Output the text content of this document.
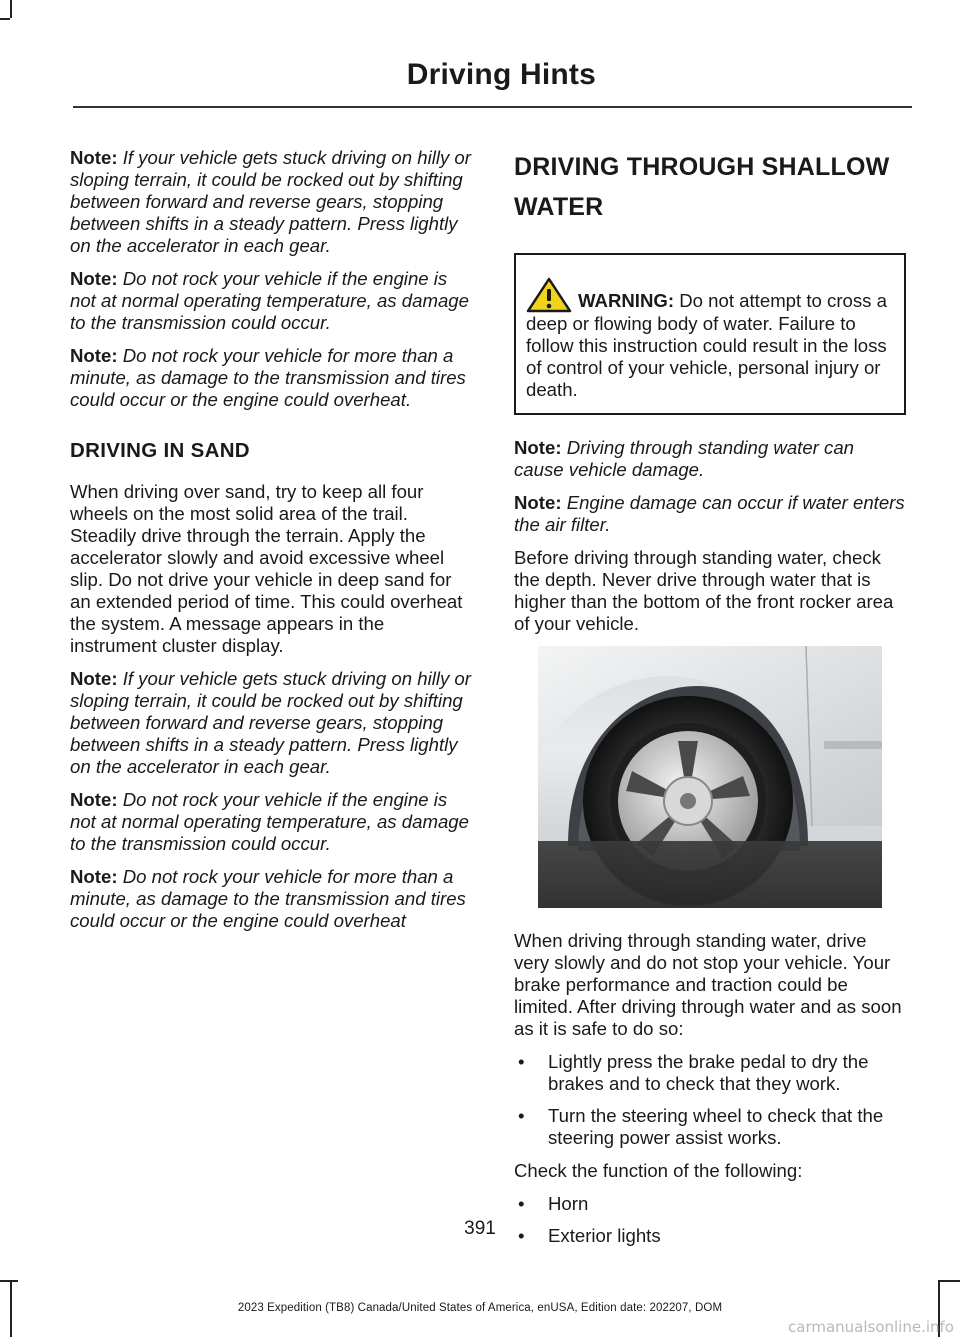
Driving Hints

Note: If your vehicle gets stuck driving on hilly or sloping terrain, it could be rocked out by shifting between forward and reverse gears, stopping between shifts in a steady pattern. Press lightly on the accelerator in each gear.

Note: Do not rock your vehicle if the engine is not at normal operating temperature, as damage to the transmission could occur.

Note: Do not rock your vehicle for more than a minute, as damage to the transmission and tires could occur or the engine could overheat.

DRIVING IN SAND

When driving over sand, try to keep all four wheels on the most solid area of the trail. Steadily drive through the terrain. Apply the accelerator slowly and avoid excessive wheel slip. Do not drive your vehicle in deep sand for an extended period of time. This could overheat the system. A message appears in the instrument cluster display.

Note: If your vehicle gets stuck driving on hilly or sloping terrain, it could be rocked out by shifting between forward and reverse gears, stopping between shifts in a steady pattern. Press lightly on the accelerator in each gear.

Note: Do not rock your vehicle if the engine is not at normal operating temperature, as damage to the transmission could occur.

Note: Do not rock your vehicle for more than a minute, as damage to the transmission and tires could occur or the engine could overheat

DRIVING THROUGH SHALLOW WATER
WARNING: Do not attempt to cross a deep or flowing body of water. Failure to follow this instruction could result in the loss of control of your vehicle, personal injury or death.

Note: Driving through standing water can cause vehicle damage.

Note: Engine damage can occur if water enters the air filter.

Before driving through standing water, check the depth. Never drive through water that is higher than the bottom of the front rocker area of your vehicle.

When driving through standing water, drive very slowly and do not stop your vehicle. Your brake performance and traction could be limited. After driving through water and as soon as it is safe to do so:

• Lightly press the brake pedal to dry the brakes and to check that they work.
• Turn the steering wheel to check that the steering power assist works.

Check the function of the following:

• Horn
• Exterior lights
391
2023 Expedition (TB8) Canada/United States of America, enUSA, Edition date: 202207, DOM
carmanualsonline.info
